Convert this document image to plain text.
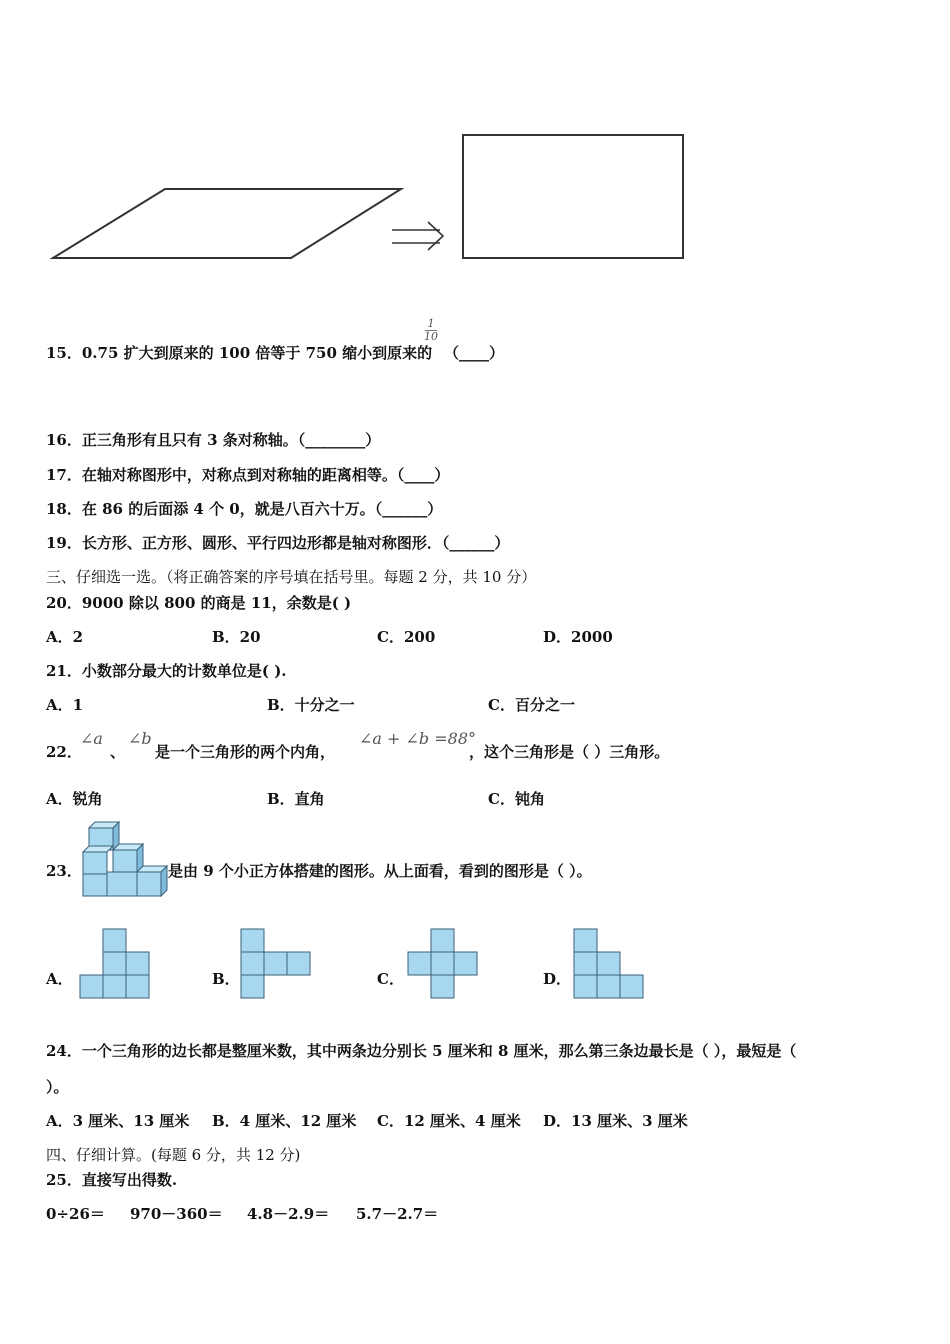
15．0.75 扩大到原来的 100 倍等于 750 缩小到原来的
1
10
（____）
16．正三角形有且只有 3 条对称轴。（________）
17．在轴对称图形中，对称点到对称轴的距离相等。（____）
18．在 86 的后面添 4 个 0，就是八百六十万。（______）
19．长方形、正方形、圆形、平行四边形都是轴对称图形．（______）
三、仔细选一选。（将正确答案的序号填在括号里。每题 2 分，共 10 分）
20．9000 除以 800 的商是 11，余数是( )
A．2	B．20	C．200	D．2000
21．小数部分最大的计数单位是( ).
A．1	B．十分之一	C．百分之一
22．
∠a
、
∠b
是一个三角形的两个内角，
∠a + ∠b =88°
，这个三角形是（ ）三角形。
A．锐角	B．直角	C．钝角
23．	是由 9 个小正方体搭建的图形。从上面看，看到的图形是（ ）。
A．	B．	C．	D．
24．一个三角形的边长都是整厘米数，其中两条边分别长 5 厘米和 8 厘米，那么第三条边最长是（ ），最短是（
）。
A．3 厘米、13 厘米 B．4 厘米、12 厘米 C．12 厘米、4 厘米 D．13 厘米、3 厘米
四、仔细计算。(每题 6 分，共 12 分)
25．直接写出得数.
0÷26＝ 970－360＝ 4.8－2.9＝ 5.7－2.7＝
